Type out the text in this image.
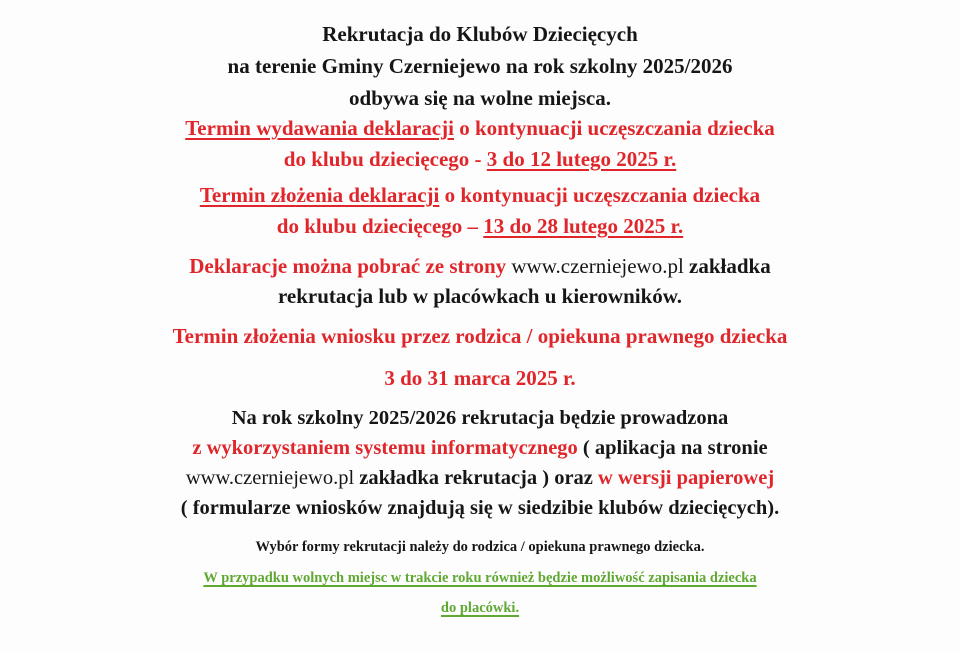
Rekrutacja do Klubów Dziecięcych
na terenie Gminy Czerniejewo na rok szkolny 2025/2026
odbywa się na wolne miejsca.
Termin wydawania deklaracji o kontynuacji uczęszczania dziecka
do klubu dziecięcego - 3 do 12 lutego 2025 r.
Termin złożenia deklaracji o kontynuacji uczęszczania dziecka
do klubu dziecięcego – 13 do 28 lutego 2025 r.
Deklaracje można pobrać ze strony www.czerniejewo.pl zakładka
rekrutacja lub w placówkach u kierowników.
Termin złożenia wniosku przez rodzica / opiekuna prawnego dziecka
3 do 31 marca 2025 r.
Na rok szkolny 2025/2026 rekrutacja będzie prowadzona
z wykorzystaniem systemu informatycznego ( aplikacja na stronie
www.czerniejewo.pl zakładka rekrutacja ) oraz w wersji papierowej
( formularze wniosków znajdują się w siedzibie klubów dziecięcych).
Wybór formy rekrutacji należy do rodzica / opiekuna prawnego dziecka.
W przypadku wolnych miejsc w trakcie roku również będzie możliwość zapisania dziecka
do placówki.
